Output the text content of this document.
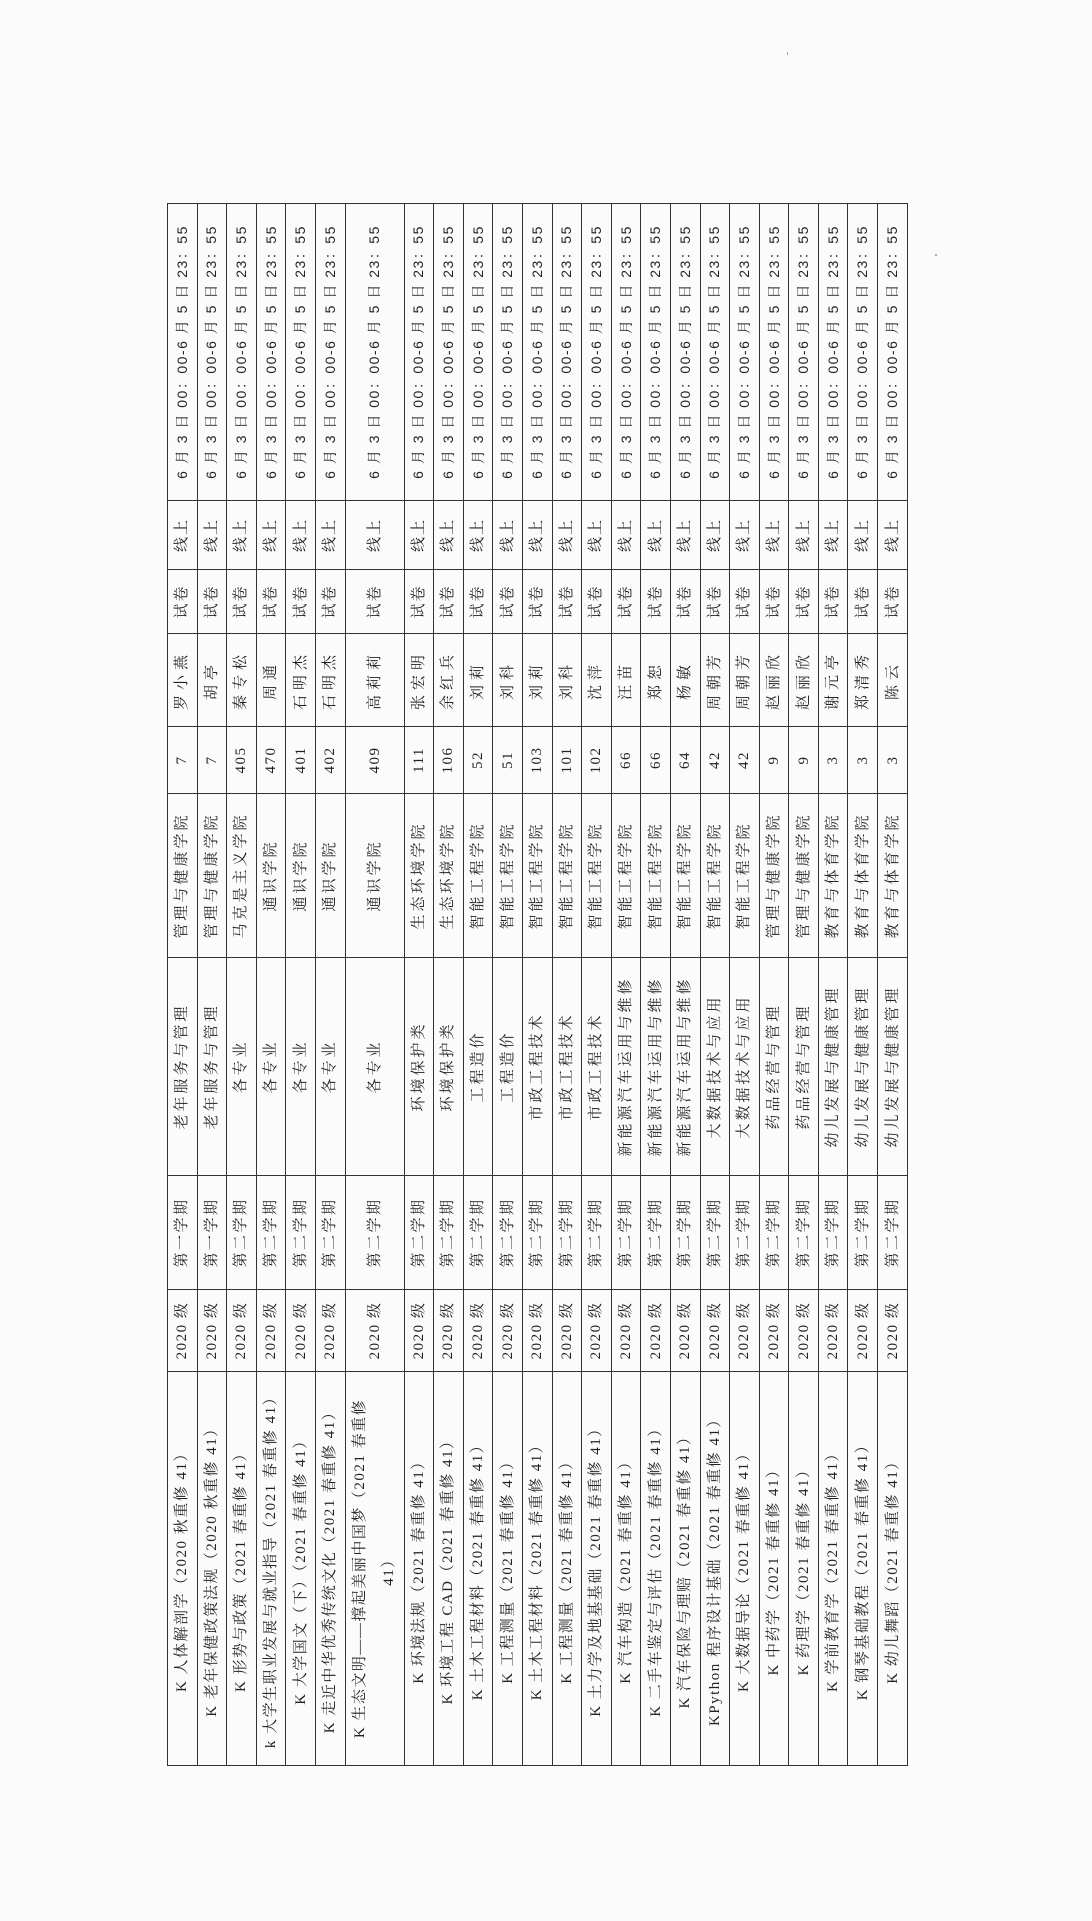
K 人体解剖学（2020 秋重修 41）	2020 级	第一学期	老年服务与管理	管理与健康学院	7	罗小燕	试卷	线上	6 月 3 日 00：00-6 月 5 日 23：55
K 老年保健政策法规（2020 秋重修 41）	2020 级	第一学期	老年服务与管理	管理与健康学院	7	胡亭	试卷	线上	6 月 3 日 00：00-6 月 5 日 23：55
K 形势与政策（2021 春重修 41）	2020 级	第二学期	各专业	马克是主义学院	405	秦专松	试卷	线上	6 月 3 日 00：00-6 月 5 日 23：55
k 大学生职业发展与就业指导（2021 春重修 41）	2020 级	第二学期	各专业	通识学院	470	周通	试卷	线上	6 月 3 日 00：00-6 月 5 日 23：55
K 大学国文（下）（2021 春重修 41）	2020 级	第二学期	各专业	通识学院	401	石明杰	试卷	线上	6 月 3 日 00：00-6 月 5 日 23：55
K 走近中华优秀传统文化（2021 春重修 41）	2020 级	第二学期	各专业	通识学院	402	石明杰	试卷	线上	6 月 3 日 00：00-6 月 5 日 23：55
K 生态文明——撑起美丽中国梦（2021 春重修 41）	2020 级	第二学期	各专业	通识学院	409	高莉莉	试卷	线上	6 月 3 日 00：00-6 月 5 日 23：55
K 环境法规（2021 春重修 41）	2020 级	第二学期	环境保护类	生态环境学院	111	张宏明	试卷	线上	6 月 3 日 00：00-6 月 5 日 23：55
K 环境工程 CAD（2021 春重修 41）	2020 级	第二学期	环境保护类	生态环境学院	106	余红兵	试卷	线上	6 月 3 日 00：00-6 月 5 日 23：55
K 土木工程材料（2021 春重修 41）	2020 级	第二学期	工程造价	智能工程学院	52	刘莉	试卷	线上	6 月 3 日 00：00-6 月 5 日 23：55
K 工程测量（2021 春重修 41）	2020 级	第二学期	工程造价	智能工程学院	51	刘科	试卷	线上	6 月 3 日 00：00-6 月 5 日 23：55
K 土木工程材料（2021 春重修 41）	2020 级	第二学期	市政工程技术	智能工程学院	103	刘莉	试卷	线上	6 月 3 日 00：00-6 月 5 日 23：55
K 工程测量（2021 春重修 41）	2020 级	第二学期	市政工程技术	智能工程学院	101	刘科	试卷	线上	6 月 3 日 00：00-6 月 5 日 23：55
K 土力学及地基基础（2021 春重修 41）	2020 级	第二学期	市政工程技术	智能工程学院	102	沈萍	试卷	线上	6 月 3 日 00：00-6 月 5 日 23：55
K 汽车构造（2021 春重修 41）	2020 级	第二学期	新能源汽车运用与维修	智能工程学院	66	汪苗	试卷	线上	6 月 3 日 00：00-6 月 5 日 23：55
K 二手车鉴定与评估（2021 春重修 41）	2020 级	第二学期	新能源汽车运用与维修	智能工程学院	66	郑恕	试卷	线上	6 月 3 日 00：00-6 月 5 日 23：55
K 汽车保险与理赔（2021 春重修 41）	2020 级	第二学期	新能源汽车运用与维修	智能工程学院	64	杨敏	试卷	线上	6 月 3 日 00：00-6 月 5 日 23：55
KPython 程序设计基础（2021 春重修 41）	2020 级	第二学期	大数据技术与应用	智能工程学院	42	周朝芳	试卷	线上	6 月 3 日 00：00-6 月 5 日 23：55
K 大数据导论（2021 春重修 41）	2020 级	第二学期	大数据技术与应用	智能工程学院	42	周朝芳	试卷	线上	6 月 3 日 00：00-6 月 5 日 23：55
K 中药学（2021 春重修 41）	2020 级	第二学期	药品经营与管理	管理与健康学院	9	赵丽欣	试卷	线上	6 月 3 日 00：00-6 月 5 日 23：55
K 药理学（2021 春重修 41）	2020 级	第二学期	药品经营与管理	管理与健康学院	9	赵丽欣	试卷	线上	6 月 3 日 00：00-6 月 5 日 23：55
K 学前教育学（2021 春重修 41）	2020 级	第二学期	幼儿发展与健康管理	教育与体育学院	3	谢元亭	试卷	线上	6 月 3 日 00：00-6 月 5 日 23：55
K 钢琴基础教程（2021 春重修 41）	2020 级	第二学期	幼儿发展与健康管理	教育与体育学院	3	郑清秀	试卷	线上	6 月 3 日 00：00-6 月 5 日 23：55
K 幼儿舞蹈（2021 春重修 41）	2020 级	第二学期	幼儿发展与健康管理	教育与体育学院	3	陈云	试卷	线上	6 月 3 日 00：00-6 月 5 日 23：55
